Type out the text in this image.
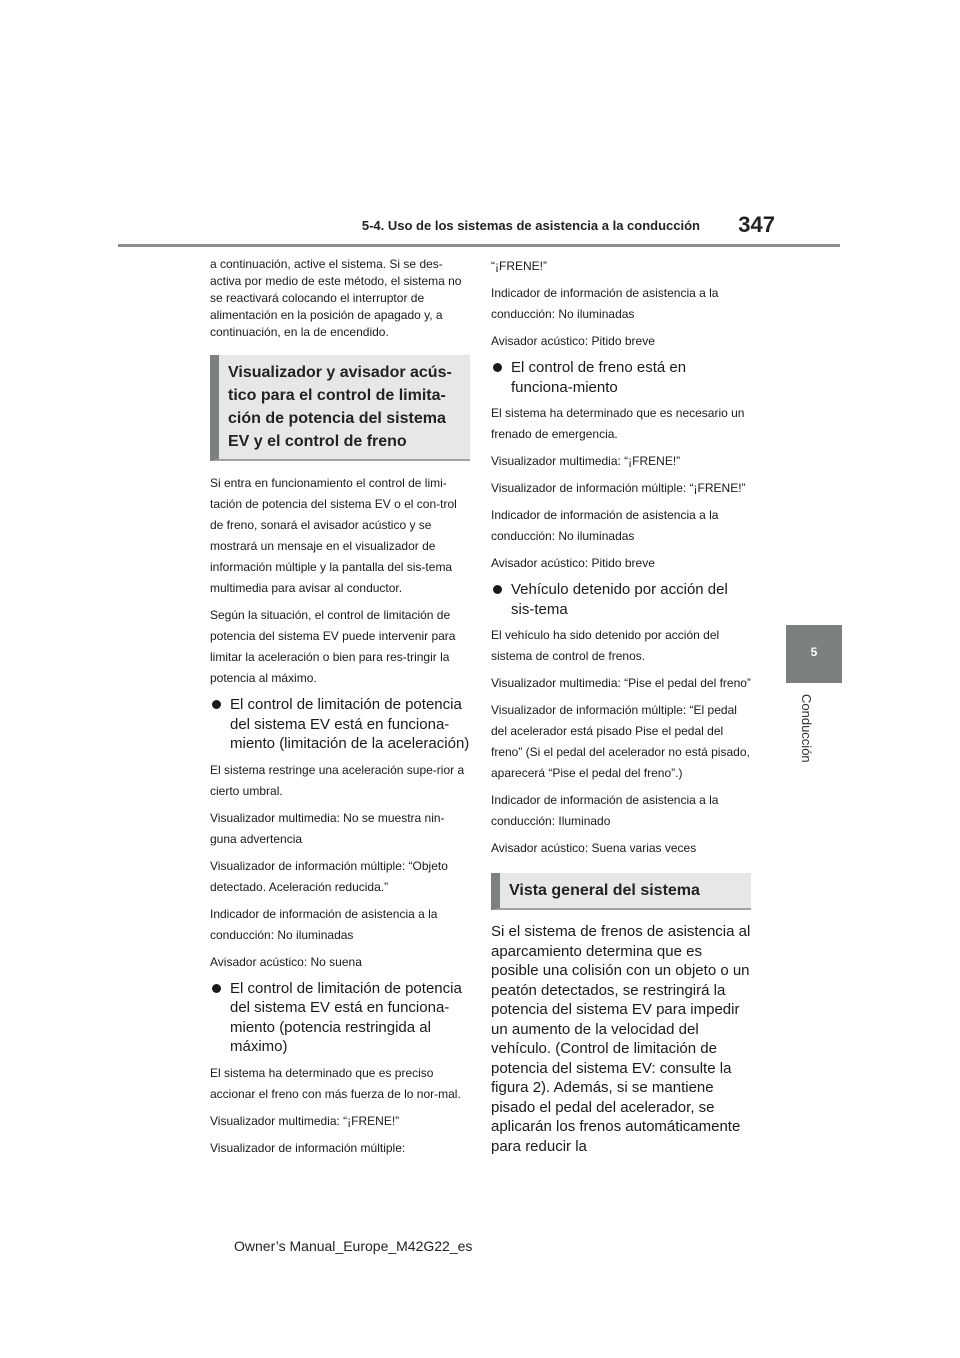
5-4. Uso de los sistemas de asistencia a la conducción 347
5
Conducción

a continuación, active el sistema. Si se des-activa por medio de este método, el sistema no se reactivará colocando el interruptor de alimentación en la posición de apagado y, a continuación, en la de encendido.

Visualizador y avisador acús-tico para el control de limita-ción de potencia del sistema EV y el control de freno

Si entra en funcionamiento el control de limi-tación de potencia del sistema EV o el con-trol de freno, sonará el avisador acústico y se mostrará un mensaje en el visualizador de información múltiple y la pantalla del sis-tema multimedia para avisar al conductor.

Según la situación, el control de limitación de potencia del sistema EV puede intervenir para limitar la aceleración o bien para res-tringir la potencia al máximo.

El control de limitación de potencia del sistema EV está en funciona-miento (limitación de la aceleración)

El sistema restringe una aceleración supe-rior a cierto umbral.

Visualizador multimedia: No se muestra nin-guna advertencia

Visualizador de información múltiple: “Objeto detectado. Aceleración reducida.”

Indicador de información de asistencia a la conducción: No iluminadas

Avisador acústico: No suena

El control de limitación de potencia del sistema EV está en funciona-miento (potencia restringida al máximo)

El sistema ha determinado que es preciso accionar el freno con más fuerza de lo nor-mal.

Visualizador multimedia: “¡FRENE!”

Visualizador de información múltiple:

“¡FRENE!”

Indicador de información de asistencia a la conducción: No iluminadas

Avisador acústico: Pitido breve

El control de freno está en funciona-miento

El sistema ha determinado que es necesario un frenado de emergencia.

Visualizador multimedia: “¡FRENE!”

Visualizador de información múltiple: “¡FRENE!”

Indicador de información de asistencia a la conducción: No iluminadas

Avisador acústico: Pitido breve

Vehículo detenido por acción del sis-tema

El vehículo ha sido detenido por acción del sistema de control de frenos.

Visualizador multimedia: “Pise el pedal del freno”

Visualizador de información múltiple: “El pedal del acelerador está pisado Pise el pedal del freno” (Si el pedal del acelerador no está pisado, aparecerá “Pise el pedal del freno”.)

Indicador de información de asistencia a la conducción: Iluminado

Avisador acústico: Suena varias veces

Vista general del sistema

Si el sistema de frenos de asistencia al aparcamiento determina que es posible una colisión con un objeto o un peatón detectados, se restringirá la potencia del sistema EV para impedir un aumento de la velocidad del vehículo. (Control de limitación de potencia del sistema EV: consulte la figura 2). Además, si se mantiene pisado el pedal del acelerador, se aplicarán los frenos automáticamente para reducir la

Owner’s Manual_Europe_M42G22_es
